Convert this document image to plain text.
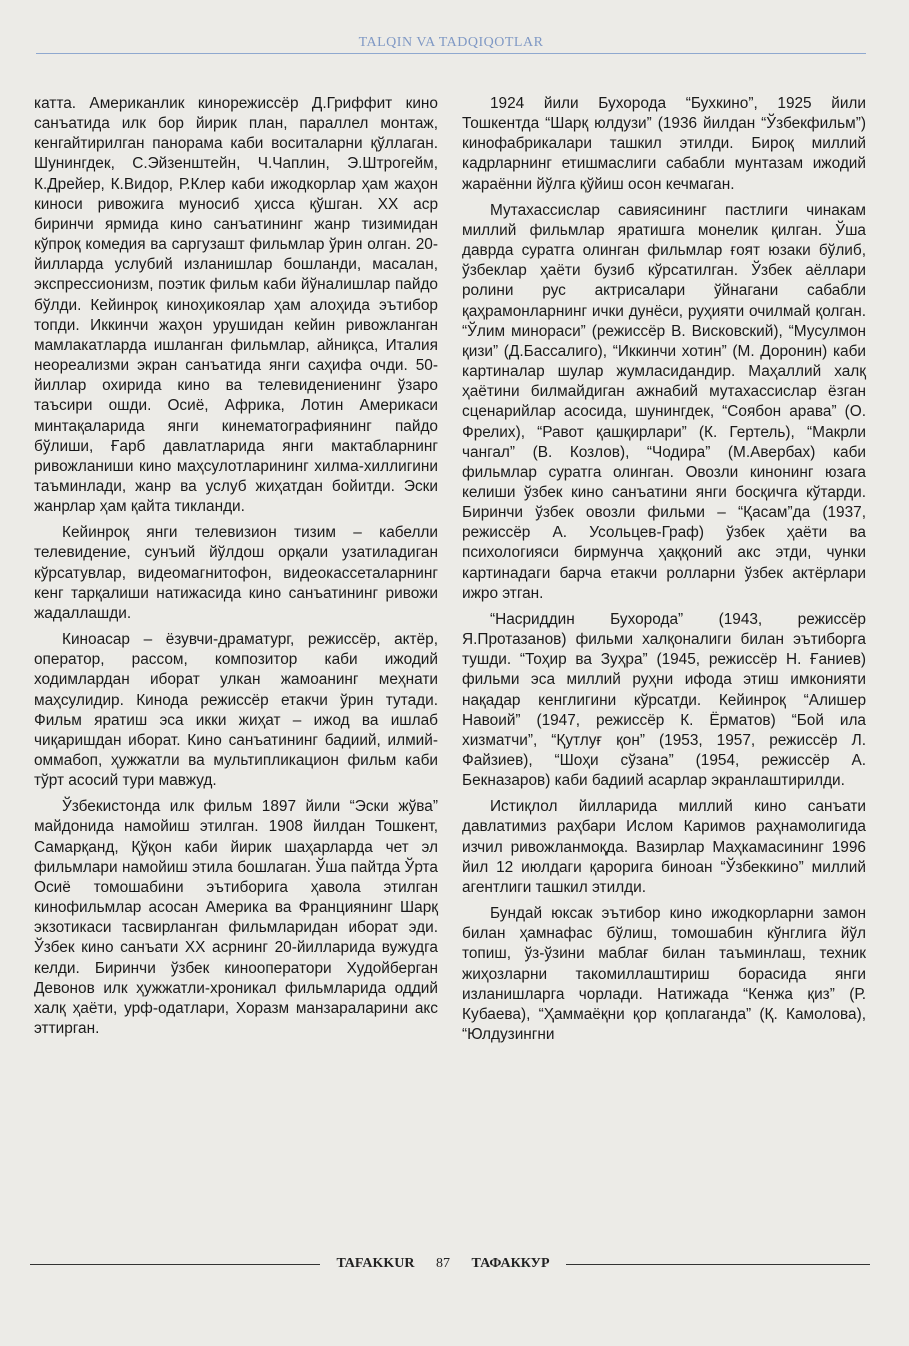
TALQIN VA TADQIQOTLAR

катта. Американлик кинорежиссёр Д.Гриффит кино санъатида илк бор йирик план, параллел монтаж, кенгайтирилган панорама каби воситаларни қўллаган. Шунингдек, С.Эйзенштейн, Ч.Чаплин, Э.Штрогейм, К.Дрейер, К.Видор, Р.Клер каби ижодкорлар ҳам жаҳон киноси ривожига муносиб ҳисса қўшган. ХХ аср биринчи ярмида кино санъатининг жанр тизимидан кўпроқ комедия ва саргузашт фильмлар ўрин олган. 20-йилларда услубий изланишлар бошланди, масалан, экспрессионизм, поэтик фильм каби йўналишлар пайдо бўлди. Кейинроқ киноҳикоялар ҳам алоҳида эътибор топди. Иккинчи жаҳон урушидан кейин ривожланган мамлакатларда ишланган фильмлар, айниқса, Италия неореализми экран санъатида янги саҳифа очди. 50-йиллар охирида кино ва телевидениенинг ўзаро таъсири ошди. Осиё, Африка, Лотин Америкаси минтақаларида янги кинематографиянинг пайдо бўлиши, Ғарб давлатларида янги мактабларнинг ривожланиши кино маҳсулотларининг хилма-хиллигини таъминлади, жанр ва услуб жиҳатдан бойитди. Эски жанрлар ҳам қайта тикланди.

Кейинроқ янги телевизион тизим – кабелли телевидение, сунъий йўлдош орқали узатиладиган кўрсатувлар, видеомагнитофон, видеокассеталарнинг кенг тарқалиши натижасида кино санъатининг ривожи жадаллашди.

Киноасар – ёзувчи-драматург, режиссёр, актёр, оператор, рассом, композитор каби ижодий ходимлардан иборат улкан жамоанинг меҳнати маҳсулидир. Кинода режиссёр етакчи ўрин тутади. Фильм яратиш эса икки жиҳат – ижод ва ишлаб чиқаришдан иборат. Кино санъатининг бадиий, илмий-оммабоп, ҳужжатли ва мультипликацион фильм каби тўрт асосий тури мавжуд.

Ўзбекистонда илк фильм 1897 йили “Эски жўва” майдонида намойиш этилган. 1908 йилдан Тошкент, Самарқанд, Қўқон каби йирик шаҳарларда чет эл фильмлари намойиш этила бошлаган. Ўша пайтда Ўрта Осиё томошабини эътиборига ҳавола этилган кинофильмлар асосан Америка ва Франциянинг Шарқ экзотикаси тасвирланган фильмларидан иборат эди. Ўзбек кино санъати ХХ асрнинг 20-йилларида вужудга келди. Биринчи ўзбек кинооператори Худойберган Девонов илк ҳужжатли-хроникал фильмларида оддий халқ ҳаёти, урф-одатлари, Хоразм манзараларини акс эттирган.

1924 йили Бухорода “Бухкино”, 1925 йили Тошкентда “Шарқ юлдузи” (1936 йилдан “Ўзбекфильм”) кинофабрикалари ташкил этилди. Бироқ миллий кадрларнинг етишмаслиги сабабли мунтазам ижодий жараённи йўлга қўйиш осон кечмаган.

Мутахассислар савиясининг пастлиги чинакам миллий фильмлар яратишга монелик қилган. Ўша даврда суратга олинган фильмлар ғоят юзаки бўлиб, ўзбеклар ҳаёти бузиб кўрсатилган. Ўзбек аёллари ролини рус актрисалари ўйнагани сабабли қаҳрамонларнинг ички дунёси, руҳияти очилмай қолган. “Ўлим минораси” (режиссёр В. Висковский), “Мусулмон қизи” (Д.Бассалиго), “Иккинчи хотин” (М. Доронин) каби картиналар шулар жумласидандир. Маҳаллий халқ ҳаётини билмайдиган ажнабий мутахассислар ёзган сценарийлар асосида, шунингдек, “Соябон арава” (О. Фрелих), “Равот қашқирлари” (К. Гертель), “Макрли чангал” (В. Козлов), “Чодира” (М.Авербах) каби фильмлар суратга олинган. Овозли кинонинг юзага келиши ўзбек кино санъатини янги босқичга кўтарди. Биринчи ўзбек овозли фильми – “Қасам”да (1937, режиссёр А. Усольцев-Граф) ўзбек ҳаёти ва психологияси бирмунча ҳаққоний акс этди, чунки картинадаги барча етакчи ролларни ўзбек актёрлари ижро этган.

“Насриддин Бухорода” (1943, режиссёр Я.Протазанов) фильми халқоналиги билан эътиборга тушди. “Тоҳир ва Зуҳра” (1945, режиссёр Н. Ғаниев) фильми эса миллий руҳни ифода этиш имконияти нақадар кенглигини кўрсатди. Кейинроқ “Алишер Навоий” (1947, режиссёр К. Ёрматов) “Бой ила хизматчи”, “Қутлуғ қон” (1953, 1957, режиссёр Л. Файзиев), “Шоҳи сўзана” (1954, режиссёр А. Бекназаров) каби бадиий асарлар экранлаштирилди.

Истиқлол йилларида миллий кино санъати давлатимиз раҳбари Ислом Каримов раҳнамолигида изчил ривожланмоқда. Вазирлар Маҳкамасининг 1996 йил 12 июлдаги қарорига биноан “Ўзбеккино” миллий агентлиги ташкил этилди.

Бундай юксак эътибор кино ижодкорларни замон билан ҳамнафас бўлиш, томошабин кўнглига йўл топиш, ўз-ўзини маблағ билан таъминлаш, техник жиҳозларни такомиллаштириш борасида янги изланишларга чорлади. Натижада “Кенжа қиз” (Р. Кубаева), “Ҳаммаёқни қор қоплаганда” (Қ. Камолова), “Юлдузингни

TAFAKKUR 87 ТАФАККУР
